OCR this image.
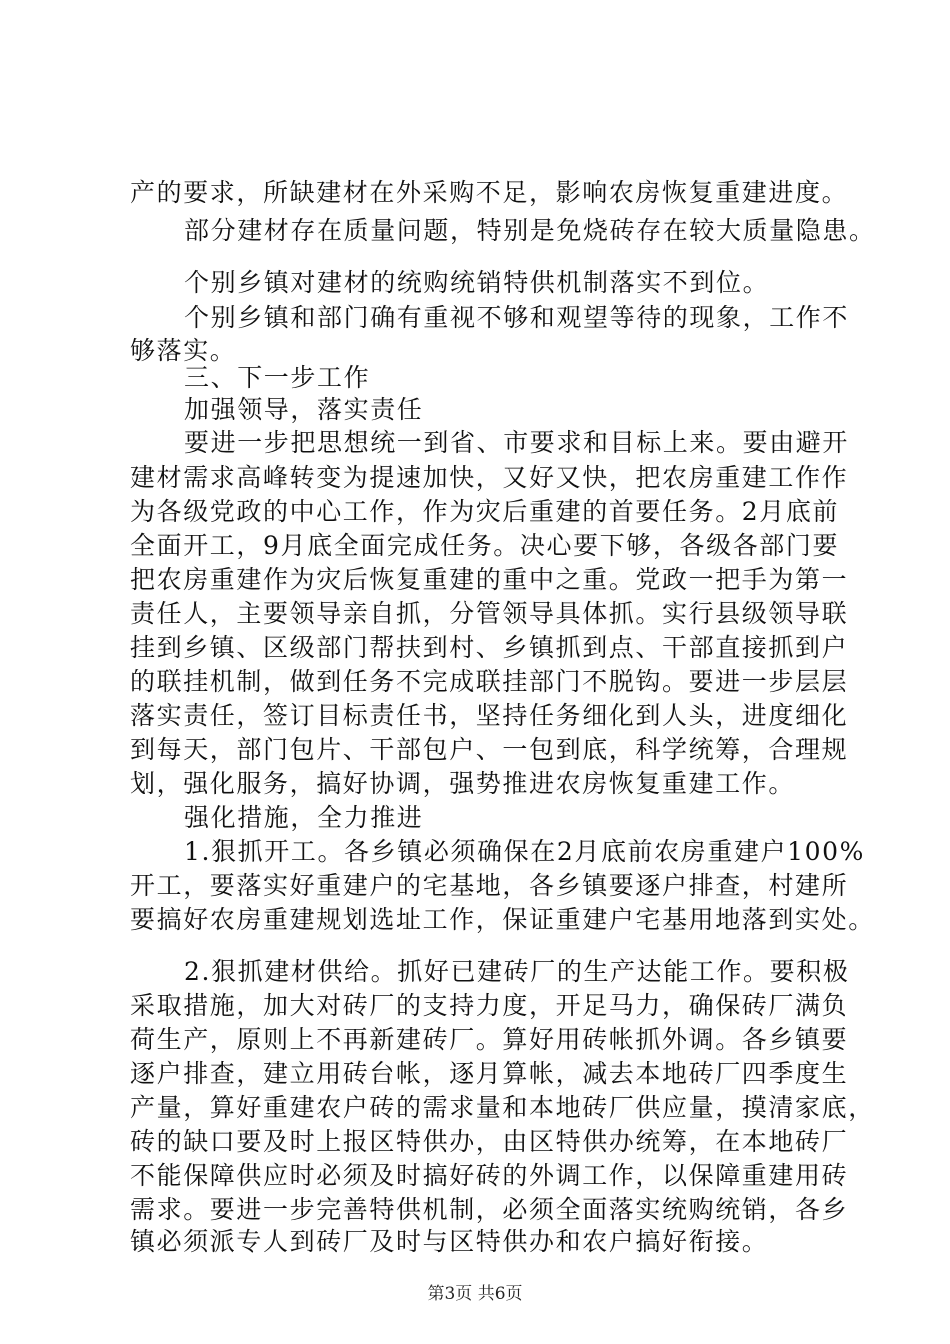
产的要求，所缺建材在外采购不足，影响农房恢复重建进度。
部分建材存在质量问题，特别是免烧砖存在较大质量隐患。
个别乡镇对建材的统购统销特供机制落实不到位。
个别乡镇和部门确有重视不够和观望等待的现象，工作不
够落实。
三、下一步工作
加强领导，落实责任
要进一步把思想统一到省、市要求和目标上来。要由避开
建材需求高峰转变为提速加快，又好又快，把农房重建工作作
为各级党政的中心工作，作为灾后重建的首要任务。2月底前
全面开工，9月底全面完成任务。决心要下够，各级各部门要
把农房重建作为灾后恢复重建的重中之重。党政一把手为第一
责任人，主要领导亲自抓，分管领导具体抓。实行县级领导联
挂到乡镇、区级部门帮扶到村、乡镇抓到点、干部直接抓到户
的联挂机制，做到任务不完成联挂部门不脱钩。要进一步层层
落实责任，签订目标责任书，坚持任务细化到人头，进度细化
到每天，部门包片、干部包户、一包到底，科学统筹，合理规
划，强化服务，搞好协调，强势推进农房恢复重建工作。
强化措施，全力推进
1.狠抓开工。各乡镇必须确保在2月底前农房重建户100%
开工，要落实好重建户的宅基地，各乡镇要逐户排查，村建所
要搞好农房重建规划选址工作，保证重建户宅基用地落到实处。
2.狠抓建材供给。抓好已建砖厂的生产达能工作。要积极
采取措施，加大对砖厂的支持力度，开足马力，确保砖厂满负
荷生产，原则上不再新建砖厂。算好用砖帐抓外调。各乡镇要
逐户排查，建立用砖台帐，逐月算帐，减去本地砖厂四季度生
产量，算好重建农户砖的需求量和本地砖厂供应量，摸清家底，
砖的缺口要及时上报区特供办，由区特供办统筹，在本地砖厂
不能保障供应时必须及时搞好砖的外调工作，以保障重建用砖
需求。要进一步完善特供机制，必须全面落实统购统销，各乡
镇必须派专人到砖厂及时与区特供办和农户搞好衔接。
第3页 共6页
